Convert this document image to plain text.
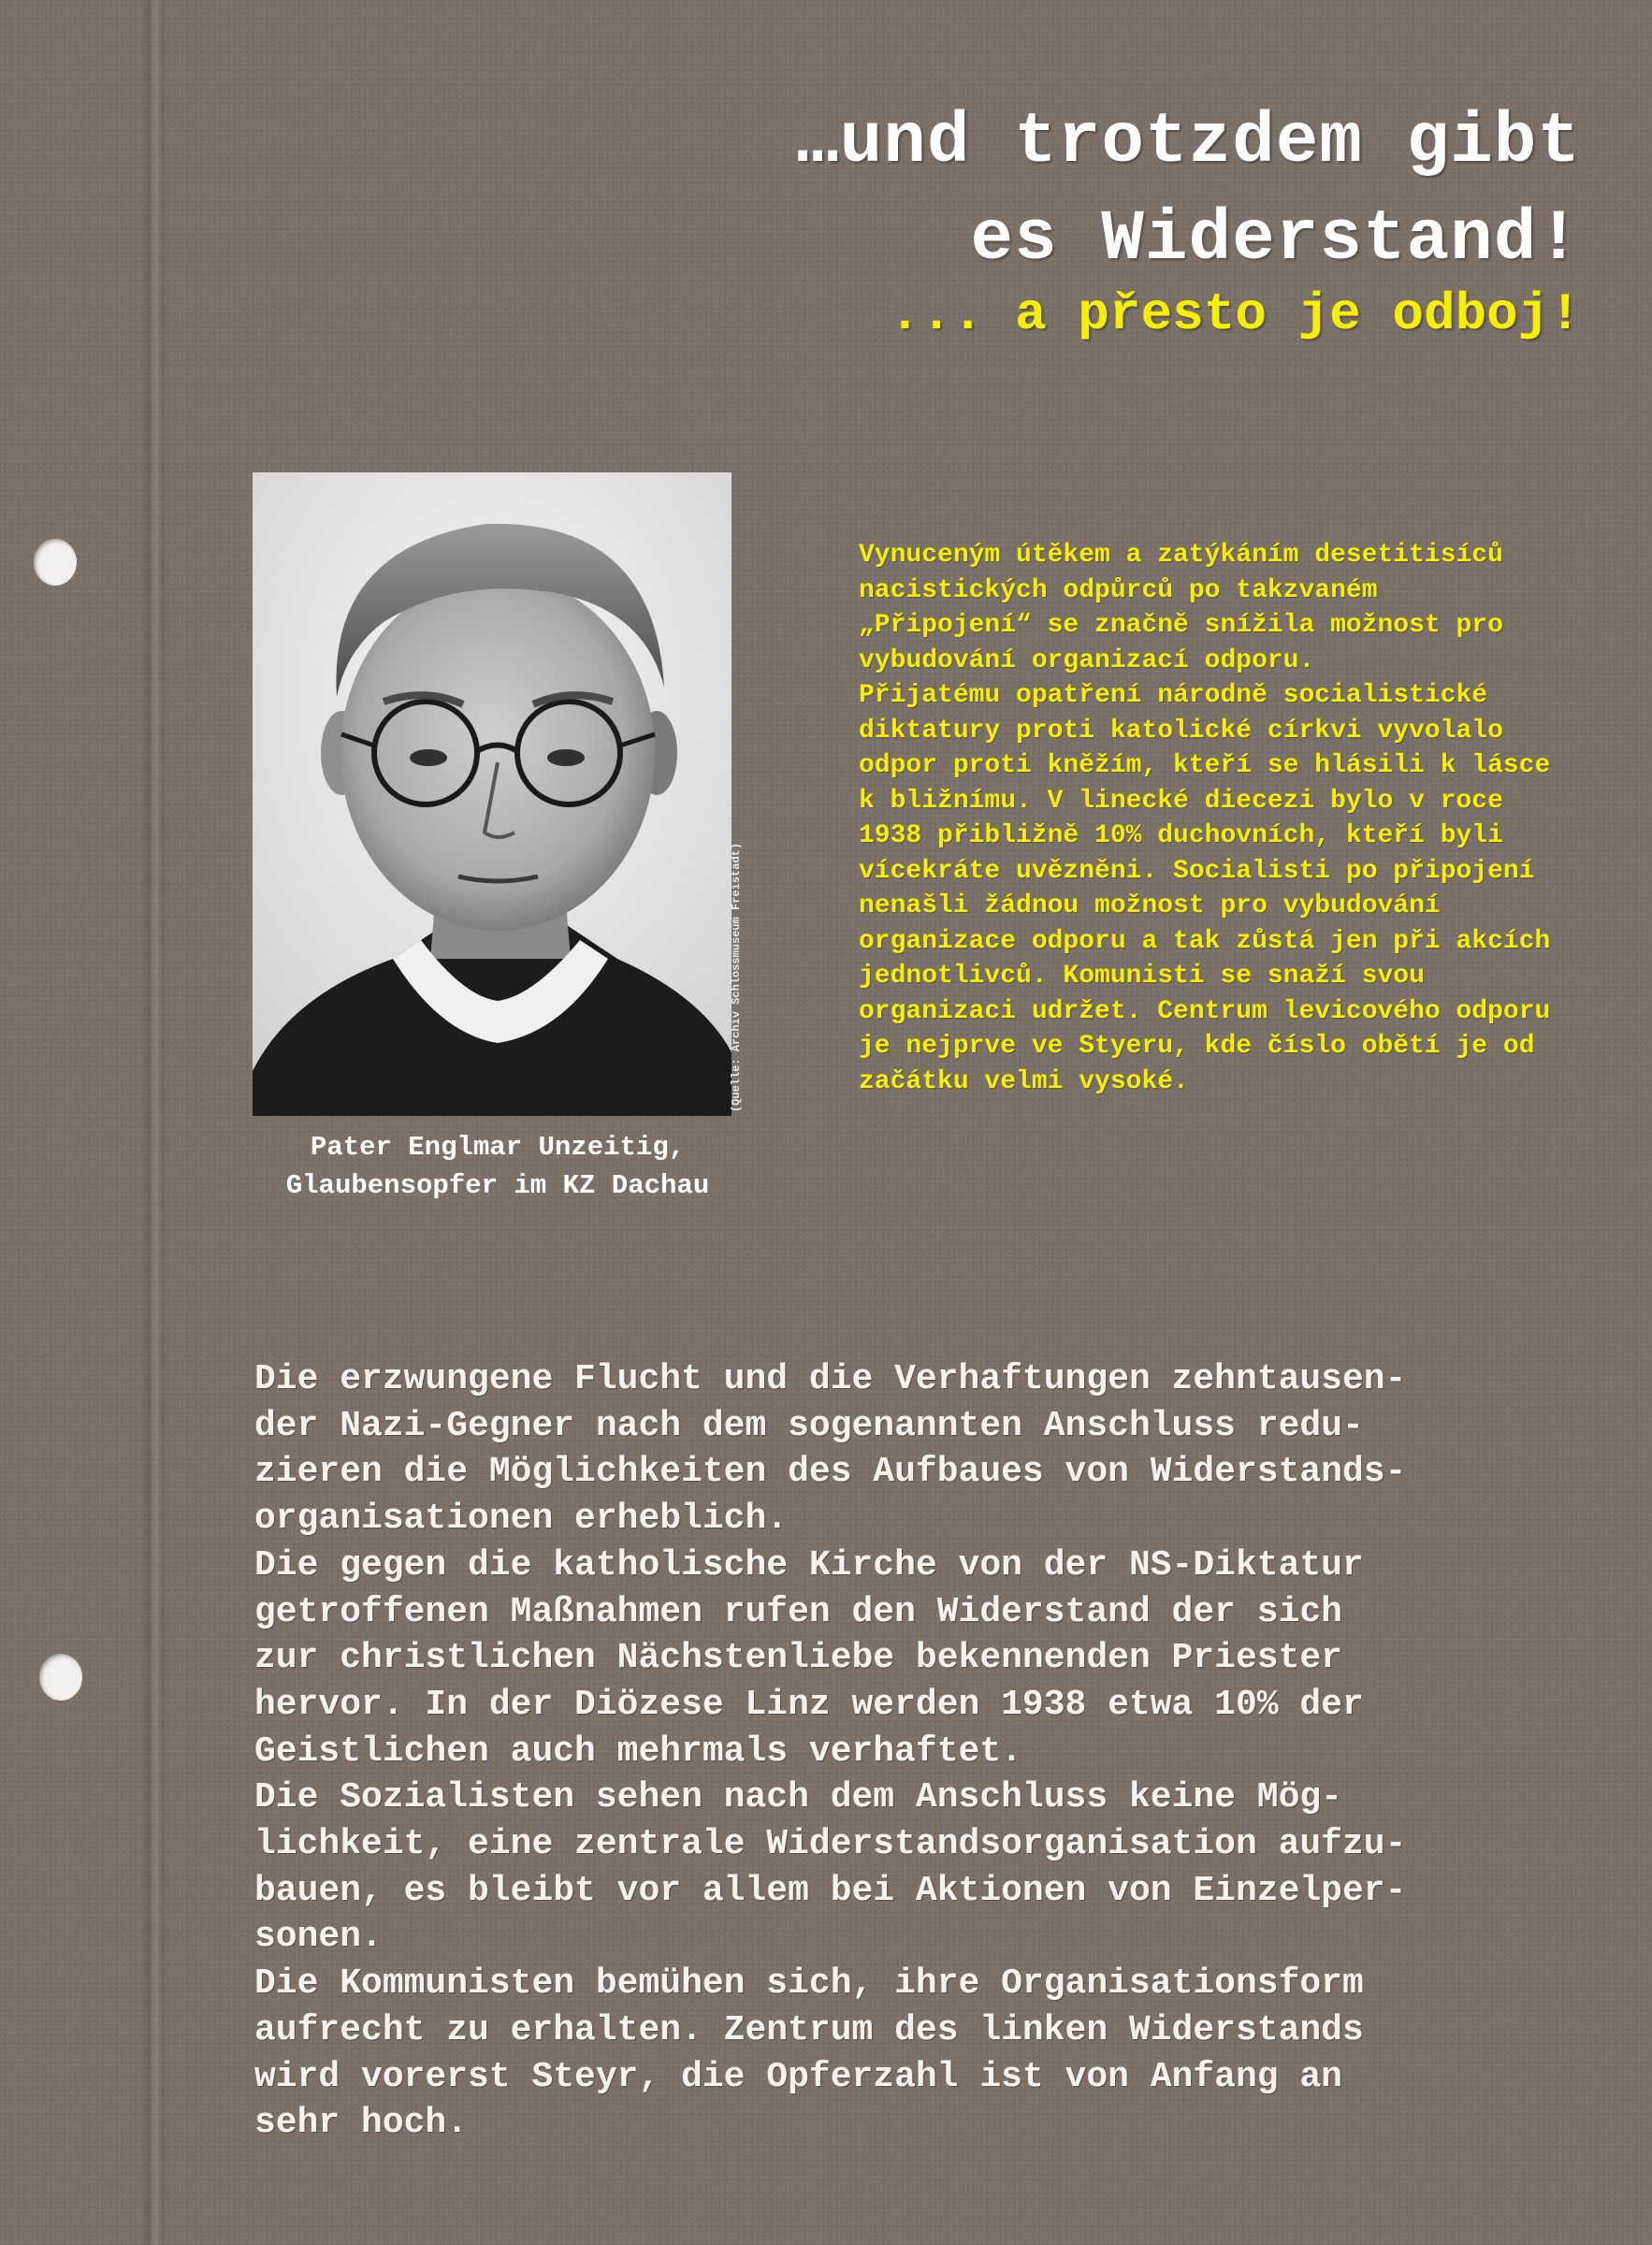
…und trotzdem gibt
es Widerstand!
... a přesto je odboj!
(Quelle: Archiv Schlossmuseum Freistadt)

Pater Englmar Unzeitig,
Glaubensopfer im KZ Dachau

Vynuceným útěkem a zatýkáním desetitisíců
nacistických odpůrců po takzvaném
„Připojení“ se značně snížila možnost pro
vybudování organizací odporu.
Přijatému opatření národně socialistické
diktatury proti katolické církvi vyvolalo
odpor proti kněžím, kteří se hlásili k lásce
k bližnímu. V linecké diecezi bylo v roce
1938 přibližně 10% duchovních, kteří byli
vícekráte uvězněni. Socialisti po připojení
nenašli žádnou možnost pro vybudování
organizace odporu a tak zůstá jen při akcích
jednotlivců. Komunisti se snaží svou
organizaci udržet. Centrum levicového odporu
je nejprve ve Styeru, kde číslo obětí je od
začátku velmi vysoké.

Die erzwungene Flucht und die Verhaftungen zehntausen-
der Nazi-Gegner nach dem sogenannten Anschluss redu-
zieren die Möglichkeiten des Aufbaues von Widerstands-
organisationen erheblich.
Die gegen die katholische Kirche von der NS-Diktatur
getroffenen Maßnahmen rufen den Widerstand der sich
zur christlichen Nächstenliebe bekennenden Priester
hervor. In der Diözese Linz werden 1938 etwa 10% der
Geistlichen auch mehrmals verhaftet.
Die Sozialisten sehen nach dem Anschluss keine Mög-
lichkeit, eine zentrale Widerstandsorganisation aufzu-
bauen, es bleibt vor allem bei Aktionen von Einzelper-
sonen.
Die Kommunisten bemühen sich, ihre Organisationsform
aufrecht zu erhalten. Zentrum des linken Widerstands
wird vorerst Steyr, die Opferzahl ist von Anfang an
sehr hoch.
